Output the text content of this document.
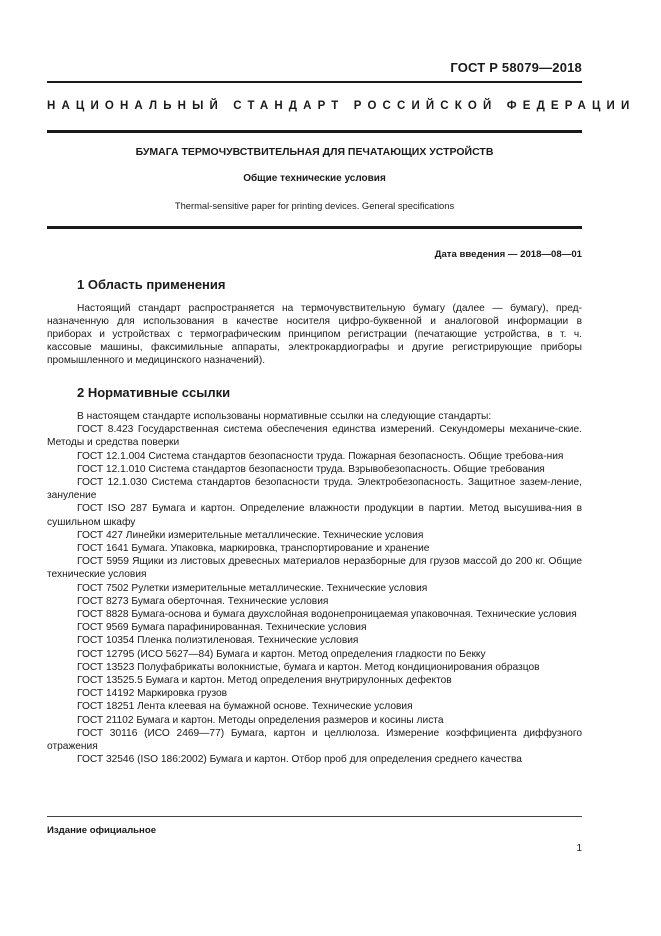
ГОСТ Р 58079—2018
НАЦИОНАЛЬНЫЙ СТАНДАРТ РОССИЙСКОЙ ФЕДЕРАЦИИ
БУМАГА ТЕРМОЧУВСТВИТЕЛЬНАЯ ДЛЯ ПЕЧАТАЮЩИХ УСТРОЙСТВ
Общие технические условия
Thermal-sensitive paper for printing devices. General specifications
Дата введения — 2018—08—01
1 Область применения

Настоящий стандарт распространяется на термочувствительную бумагу (далее — бумагу), пред-

назначенную для использования в качестве носителя цифро-буквенной и аналоговой информации в

приборах и устройствах с термографическим принципом регистрации (печатающие устройства, в т. ч.

кассовые машины, факсимильные аппараты, электрокардиографы и другие регистрирующие приборы

промышленного и медицинского назначений).

2 Нормативные ссылки

В настоящем стандарте использованы нормативные ссылки на следующие стандарты:

ГОСТ 8.423 Государственная система обеспечения единства измерений. Секундомеры механиче-ские. Методы и средства поверки

ГОСТ 12.1.004 Система стандартов безопасности труда. Пожарная безопасность. Общие требова-ния

ГОСТ 12.1.010 Система стандартов безопасности труда. Взрывобезопасность. Общие требования

ГОСТ 12.1.030 Система стандартов безопасности труда. Электробезопасность. Защитное зазем-ление, зануление

ГОСТ ISO 287 Бумага и картон. Определение влажности продукции в партии. Метод высушива-ния в сушильном шкафу

ГОСТ 427 Линейки измерительные металлические. Технические условия

ГОСТ 1641 Бумага. Упаковка, маркировка, транспортирование и хранение

ГОСТ 5959 Ящики из листовых древесных материалов неразборные для грузов массой до 200 кг. Общие технические условия

ГОСТ 7502 Рулетки измерительные металлические. Технические условия

ГОСТ 8273 Бумага оберточная. Технические условия

ГОСТ 8828 Бумага-основа и бумага двухслойная водонепроницаемая упаковочная. Технические условия

ГОСТ 9569 Бумага парафинированная. Технические условия

ГОСТ 10354 Пленка полиэтиленовая. Технические условия

ГОСТ 12795 (ИСО 5627—84) Бумага и картон. Метод определения гладкости по Бекку

ГОСТ 13523 Полуфабрикаты волокнистые, бумага и картон. Метод кондиционирования образцов

ГОСТ 13525.5 Бумага и картон. Метод определения внутрирулонных дефектов

ГОСТ 14192 Маркировка грузов

ГОСТ 18251 Лента клеевая на бумажной основе. Технические условия

ГОСТ 21102 Бумага и картон. Методы определения размеров и косины листа

ГОСТ 30116 (ИСО 2469—77) Бумага, картон и целлюлоза. Измерение коэффициента диффузного отражения

ГОСТ 32546 (ISO 186:2002) Бумага и картон. Отбор проб для определения среднего качества

Издание официальное
1
